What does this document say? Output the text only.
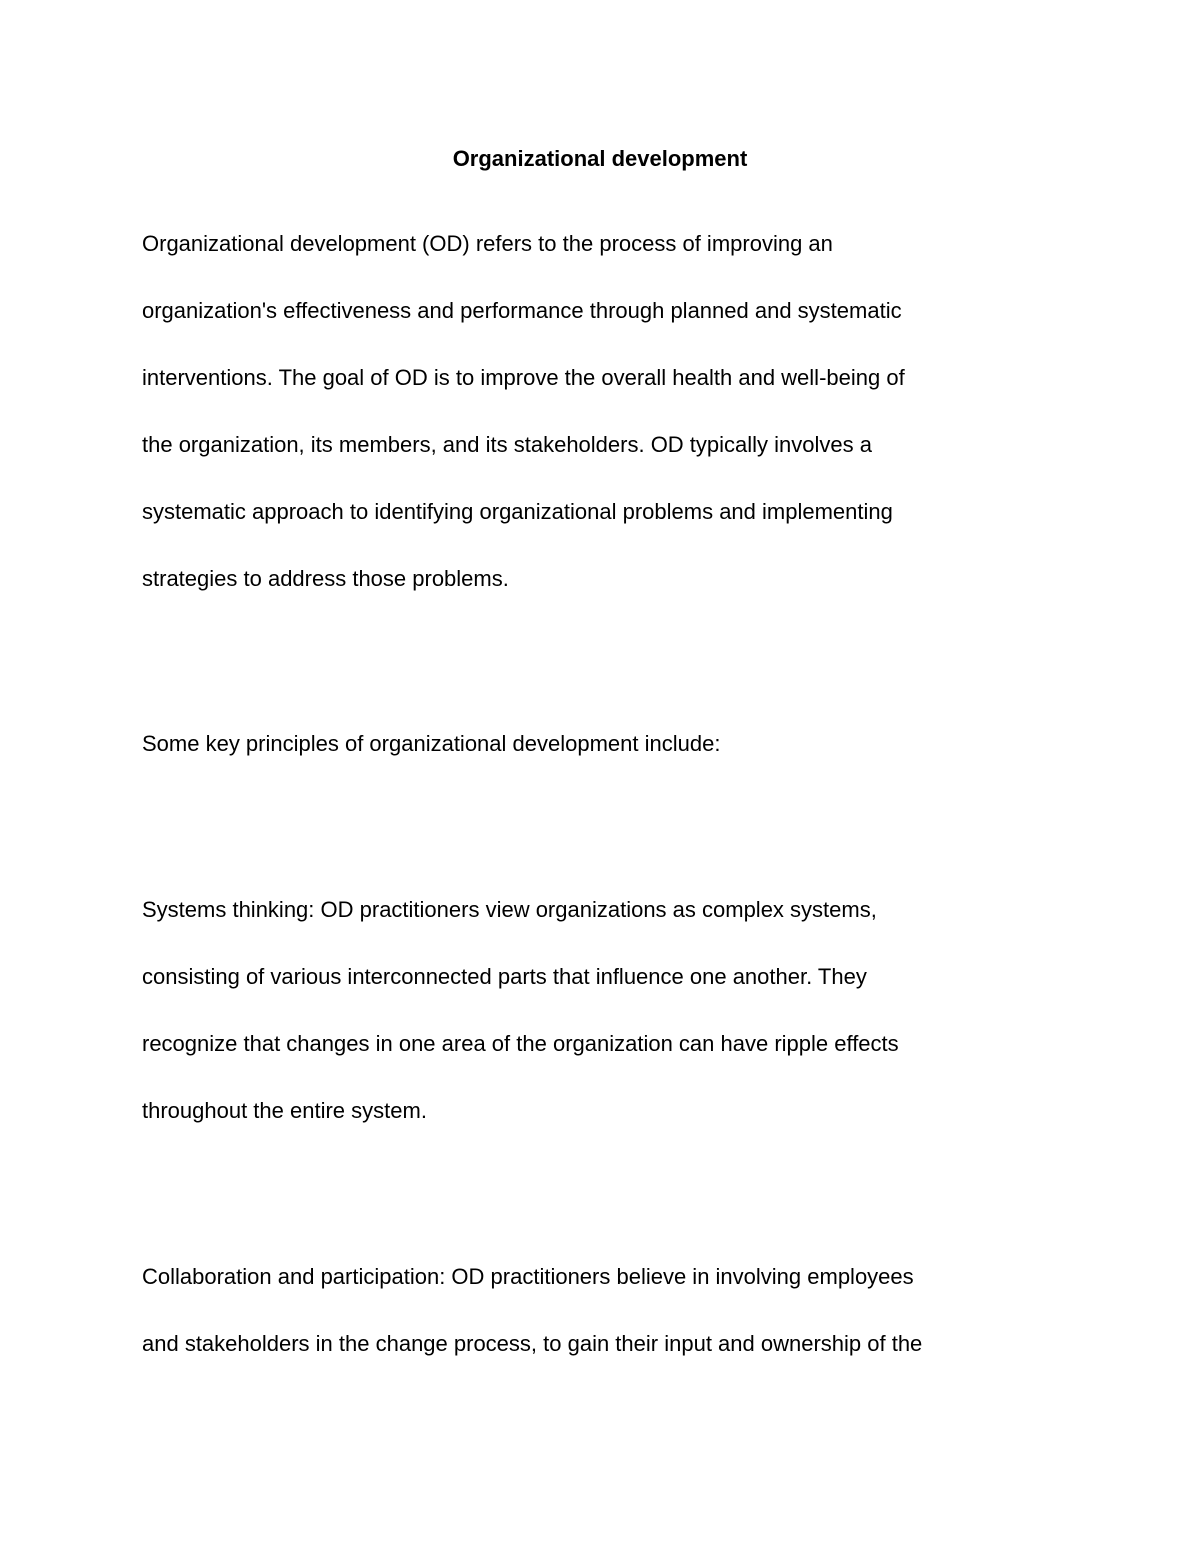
Organizational development

Organizational development (OD) refers to the process of improving an
organization's effectiveness and performance through planned and systematic
interventions. The goal of OD is to improve the overall health and well-being of
the organization, its members, and its stakeholders. OD typically involves a
systematic approach to identifying organizational problems and implementing
strategies to address those problems.

Some key principles of organizational development include:

Systems thinking: OD practitioners view organizations as complex systems,
consisting of various interconnected parts that influence one another. They
recognize that changes in one area of the organization can have ripple effects
throughout the entire system.

Collaboration and participation: OD practitioners believe in involving employees
and stakeholders in the change process, to gain their input and ownership of the
